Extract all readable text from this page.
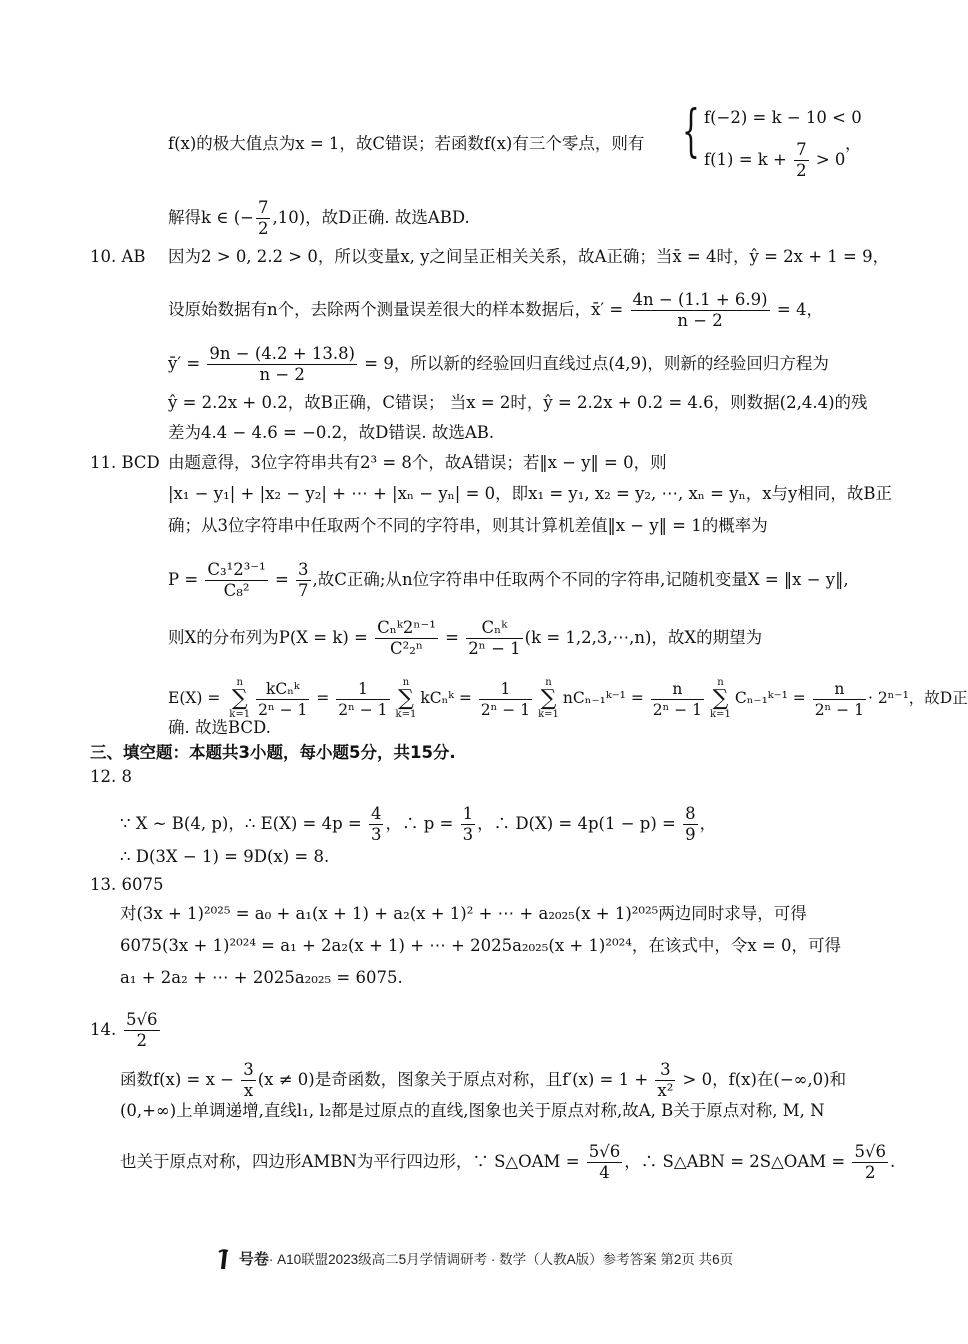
{
f(x)的极大值点为x = 1，故C错误；若函数f(x)有三个零点，则有
f(−2) = k − 10 < 0
$f(1) = k + \frac{7}{2} > 0$
，
解得k ∈ (− $\frac{7}{2} ,10$)，故D正确. 故选ABD.
10. AB 因为2 > 0, 2.2 > 0，所以变量x, y之间呈正相关关系，故A正确；当x̄ = 4时，ŷ = 2x + 1 = 9，
设原始数据有n个，去除两个测量误差很大的样本数据后，x̄′ = $\frac{4n - (1.1 + 6.9)}{n - 2} = 4$，
ȳ′ = $\frac{9n - (4.2 + 13.8)}{n - 2} = 9$，所以新的经验回归直线过点(4,9)，则新的经验回归方程为
ŷ = 2.2x + 0.2，故B正确，C错误； 当x = 2时，ŷ = 2.2x + 0.2 = 4.6，则数据(2,4.4)的残
差为4.4 − 4.6 = −0.2，故D错误. 故选AB.
11. BCD 由题意得，3位字符串共有2³ = 8个，故A错误；若‖x − y‖ = 0，则
|x₁ − y₁| + |x₂ − y₂| + ⋯ + |xₙ − yₙ| = 0，即x₁ = y₁, x₂ = y₂, ⋯, xₙ = yₙ，x与y相同，故B正
确；从3位字符串中任取两个不同的字符串，则其计算机差值‖x − y‖ = 1的概率为
$P = \frac{\text{C₃¹2³⁻¹}}{\text{C₈²}} = \frac{3}{7}$ ,故C正确;从n位字符串中任取两个不同的字符串,记随机变量X = ‖x − y‖,
则X的分布列为P(X = k) =
Cₙᵏ2ⁿ⁻¹
C²₂ⁿ
=
Cₙᵏ
2ⁿ − 1
(k = 1,2,3,⋯,n)，故X的期望为
E(X) =
n
∑
k=1
kCₙᵏ
2ⁿ − 1
= $\frac{1}{\text{2ⁿ − 1}}$	n
∑
k=1
kCₙᵏ = $\frac{1}{\text{2ⁿ − 1}}$	n
∑
k=1
nCₙ₋₁ᵏ⁻¹ = $\frac{n}{\text{2ⁿ − 1}}$	n
∑
k=1
Cₙ₋₁ᵏ⁻¹ = $\frac{n}{\text{2ⁿ − 1}} \cdot 2^{n-1}$，故D正
确. 故选BCD.
三、填空题：本题共3小题，每小题5分，共15分.
12. 8
∵ X ~ B(4, p)，∴ $E(X) = 4p = \frac{4}{3}$ ，∴ $p = \frac{1}{3}$ ，∴ $D(X) = 4p(1 - p) = \frac{8}{9}$ ，
∴ D(3X − 1) = 9D(x) = 8.
13. 6075
对(3x + 1)²⁰²⁵ = a₀ + a₁(x + 1) + a₂(x + 1)² + ⋯ + a₂₀₂₅(x + 1)²⁰²⁵两边同时求导，可得
6075(3x + 1)²⁰²⁴ = a₁ + 2a₂(x + 1) + ⋯ + 2025a₂₀₂₅(x + 1)²⁰²⁴，在该式中，令x = 0，可得
a₁ + 2a₂ + ⋯ + 2025a₂₀₂₅ = 6075.
14. $\frac{5√6}{2}$
函数$f(x) = x - \frac{3}{x} (x \ne 0)$是奇函数，图象关于原点对称，且$f'(x) = 1 + \frac{3}{\text{x²}} > 0$，f(x)在(−∞,0)和
(0,+∞)上单调递增,直线l₁, l₂都是过原点的直线,图象也关于原点对称,故A, B关于原点对称, M, N
也关于原点对称，四边形AMBN为平行四边形，∵ S△OAM = $\frac{5√6}{4}$ ，∴ S△ABN = 2S△OAM = $\frac{5√6}{2}$ .
号卷· A10联盟2023级高二5月学情调研考 · 数学（人教A版）参考答案 第2页 共6页
